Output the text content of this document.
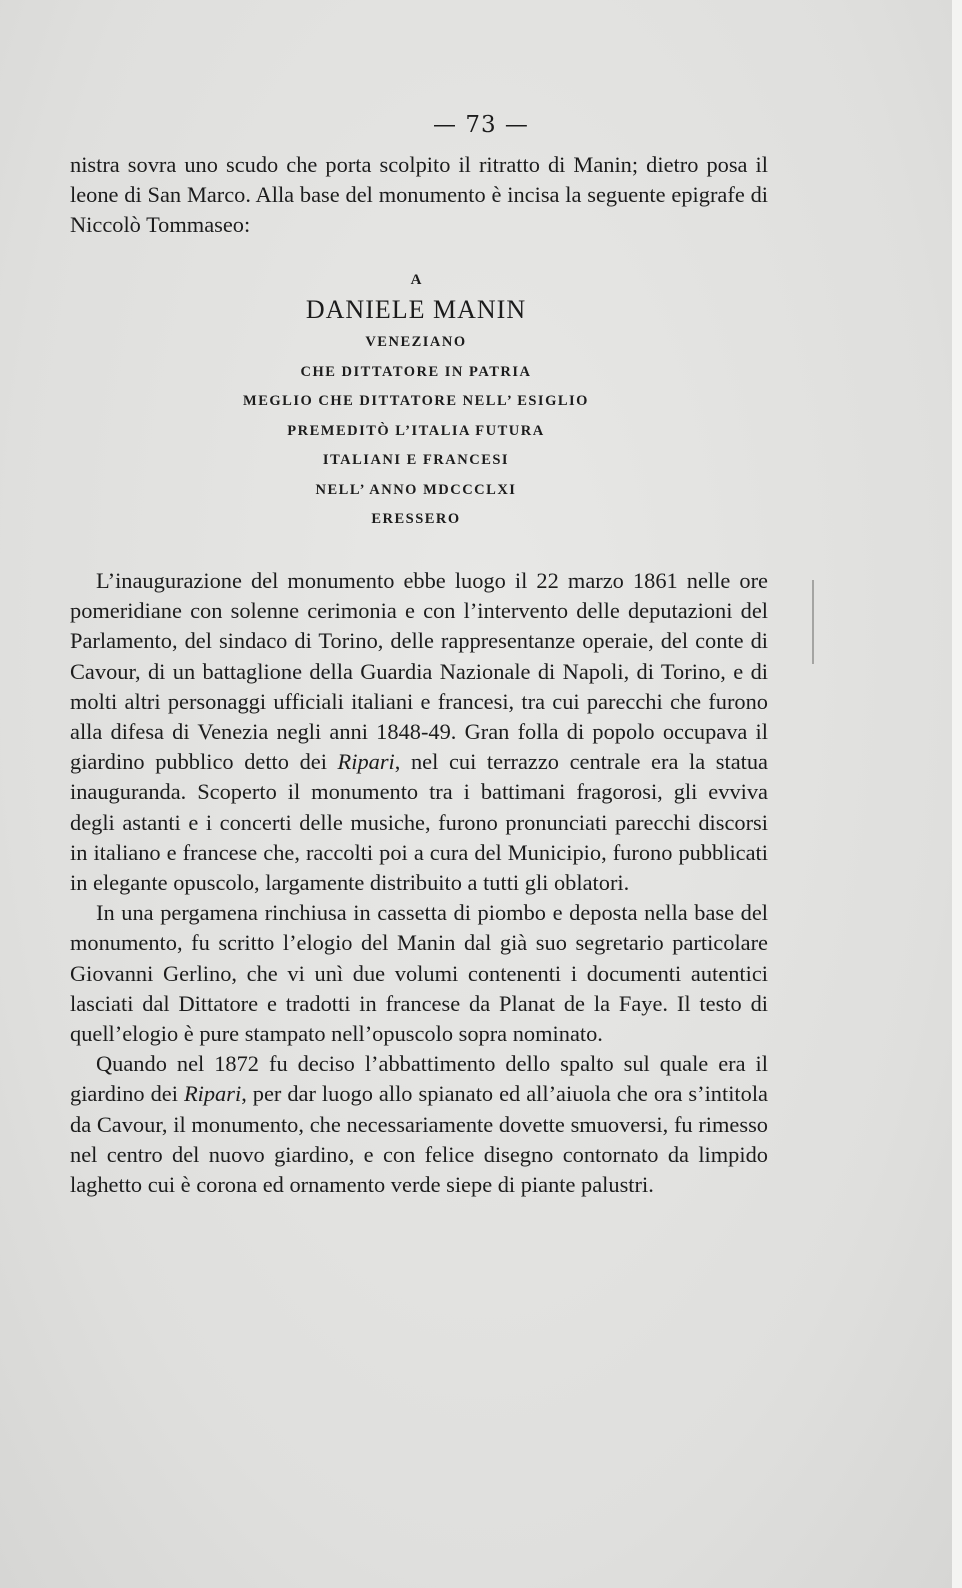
— 73 —

nistra sovra uno scudo che porta scolpito il ritratto di Manin; dietro posa il leone di San Marco. Alla base del monumento è incisa la seguente epigrafe di Niccolò Tommaseo:

A
DANIELE MANIN
VENEZIANO
CHE DITTATORE IN PATRIA
MEGLIO CHE DITTATORE NELL’ ESIGLIO
PREMEDITÒ L’ITALIA FUTURA
ITALIANI E FRANCESI
NELL’ ANNO MDCCCLXI
ERESSERO

L’inaugurazione del monumento ebbe luogo il 22 marzo 1861 nelle ore pomeridiane con solenne cerimonia e con l’intervento delle deputazioni del Parlamento, del sindaco di Torino, delle rappresentanze operaie, del conte di Cavour, di un battaglione della Guardia Nazionale di Napoli, di Torino, e di molti altri personaggi ufficiali italiani e francesi, tra cui parecchi che furono alla difesa di Venezia negli anni 1848-49. Gran folla di popolo occupava il giardino pubblico detto dei Ripari, nel cui terrazzo centrale era la statua inauguranda. Scoperto il monumento tra i battimani fragorosi, gli evviva degli astanti e i concerti delle musiche, furono pronunciati parecchi discorsi in italiano e francese che, raccolti poi a cura del Municipio, furono pubblicati in elegante opuscolo, largamente distribuito a tutti gli oblatori.

In una pergamena rinchiusa in cassetta di piombo e deposta nella base del monumento, fu scritto l’elogio del Manin dal già suo segretario particolare Giovanni Gerlino, che vi unì due volumi contenenti i documenti autentici lasciati dal Dittatore e tradotti in francese da Planat de la Faye. Il testo di quell’elogio è pure stampato nell’opuscolo sopra nominato.

Quando nel 1872 fu deciso l’abbattimento dello spalto sul quale era il giardino dei Ripari, per dar luogo allo spianato ed all’aiuola che ora s’intitola da Cavour, il monumento, che necessariamente dovette smuoversi, fu rimesso nel centro del nuovo giardino, e con felice disegno contornato da limpido laghetto cui è corona ed ornamento verde siepe di piante palustri.
